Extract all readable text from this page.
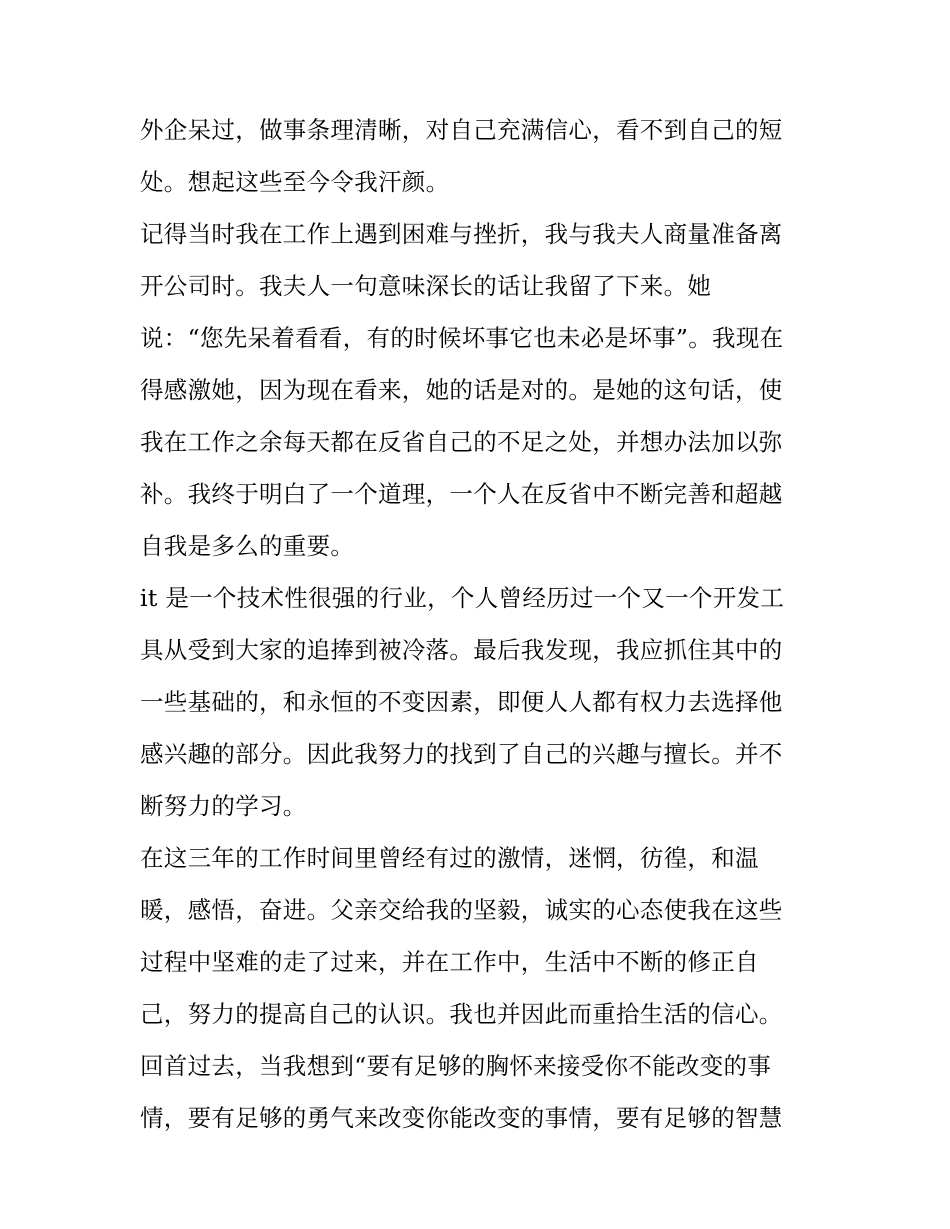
外企呆过，做事条理清晰，对自己充满信心，看不到自己的短
处。想起这些至今令我汗颜。
记得当时我在工作上遇到困难与挫折，我与我夫人商量准备离
开公司时。我夫人一句意味深长的话让我留了下来。她
说：“您先呆着看看，有的时候坏事它也未必是坏事”。我现在
得感激她，因为现在看来，她的话是对的。是她的这句话，使
我在工作之余每天都在反省自己的不足之处，并想办法加以弥
补。我终于明白了一个道理，一个人在反省中不断完善和超越
自我是多么的重要。
it 是一个技术性很强的行业，个人曾经历过一个又一个开发工
具从受到大家的追捧到被冷落。最后我发现，我应抓住其中的
一些基础的，和永恒的不变因素，即便人人都有权力去选择他
感兴趣的部分。因此我努力的找到了自己的兴趣与擅长。并不
断努力的学习。
在这三年的工作时间里曾经有过的激情，迷惘，彷徨，和温
暖，感悟，奋进。父亲交给我的坚毅，诚实的心态使我在这些
过程中坚难的走了过来，并在工作中，生活中不断的修正自
己，努力的提高自己的认识。我也并因此而重拾生活的信心。
回首过去，当我想到“要有足够的胸怀来接受你不能改变的事
情，要有足够的勇气来改变你能改变的事情，要有足够的智慧
